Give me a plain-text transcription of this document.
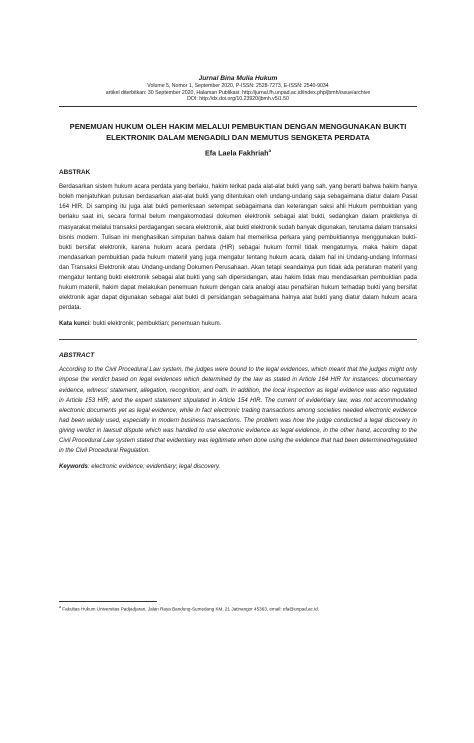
Jurnal Bina Mulia Hukum
Volume 5, Nomor 1, September 2020, P-ISSN: 2528-7273, E-ISSN: 2540-9034
artikel diterbitkan: 30 September 2020, Halaman Publikasi: http://jurnal.fh.unpad.ac.id/index.php/jbmh/issue/archive
DOI: http://dx.doi.org/10.23920/jbmh.v5i1.50
PENEMUAN HUKUM OLEH HAKIM MELALUI PEMBUKTIAN DENGAN MENGGUNAKAN BUKTI ELEKTRONIK DALAM MENGADILI DAN MEMUTUS SENGKETA PERDATA
Efa Laela Fakhriah$^a$
ABSTRAK
Berdasarkan sistem hukum acara perdata yang berlaku, hakim terikat pada alat-alat bukti yang sah, yang berarti bahwa hakim hanya boleh menjatuhkan putusan berdasarkan alat-alat bukti yang ditentukan oleh undang-undang saja sebagaimana diatur dalam Pasal 164 HIR. Di samping itu juga alat bukti pemeriksaan setempat sebagaimana dan keterangan saksi ahli Hukum pembuktian yang berlaku saat ini, secara formal belum mengakomodasi dokumen elektronik sebagai alat bukti, sedangkan dalam praktiknya di masyarakat melalui transaksi perdagangan secara elektronik, alat bukti elektronik sudah banyak digunakan, terutama dalam transaksi bisnis modern. Tulisan ini menghasilkan simpulan bahwa dalam hal memeriksa perkara yang pembuktiannya menggunakan bukti-bukti bersifat elektronik, karena hukum acara perdata (HIR) sebagai hukum formil tidak mengaturnya, maka hakim dapat mendasarkan pembuktian pada hukum materiil yang juga mengatur tentang hukum acara, dalam hal ini Undang-undang Informasi dan Transaksi Elektronik atau Undang-undang Dokumen Perusahaan. Akan tetapi seandainya pun tidak ada peraturan materil yang mengatur tentang bukti elektronik sebagai alat bukti yang sah dipersidangan, atau hakim tidak mau mendasarkan pembuktian pada hukum materiil, hakim dapat melakukan penemuan hukum dengan cara analogi atau penafsiran hukum terhadap bukti yang bersifat elektronik agar dapat digunakan sebagai alat bukti di persidangan sebagaimana halnya alat bukti yang diatur dalam hukum acara perdata.
Kata kunci: bukti elektronik; pembuktian; penemuan hukum.
ABSTRACT
According to the Civil Procedural Law system, the judges were bound to the legal evidences, which meant that the judges might only impose the verdict based on legal evidences which determined by the law as stated in Article 164 HIR for instances: documentary evidence, witness' statement, allegation, recognition, and oath. In addition, the local inspection as legal evidence was also regulated in Article 153 HIR, and the expert statement stipulated in Article 154 HIR. The current of evidentiary law, was not accommodating electronic documents yet as legal evidence, while in fact electronic trading transactions among societies needed electronic evidence had been widely used, especially in modern business transactions. The problem was how the judge conducted a legal discovery in giving verdict in lawsuit dispute which was handled to use electronic evidence as legal evidence, in the other hand, according to the Civil Procedural Law system stated that evidentiary was legitimate when done using the evidence that had been determined/regulated in the Civil Procedural Regulation.
Keywords: electronic evidence; evidentiary; legal discovery.
$^a$ Fakultas Hukum Universitas Padjadjaran, Jalan Raya Bandung-Sumedang KM. 21 Jatinangor 45363, email: efa@unpad.ac.id.
